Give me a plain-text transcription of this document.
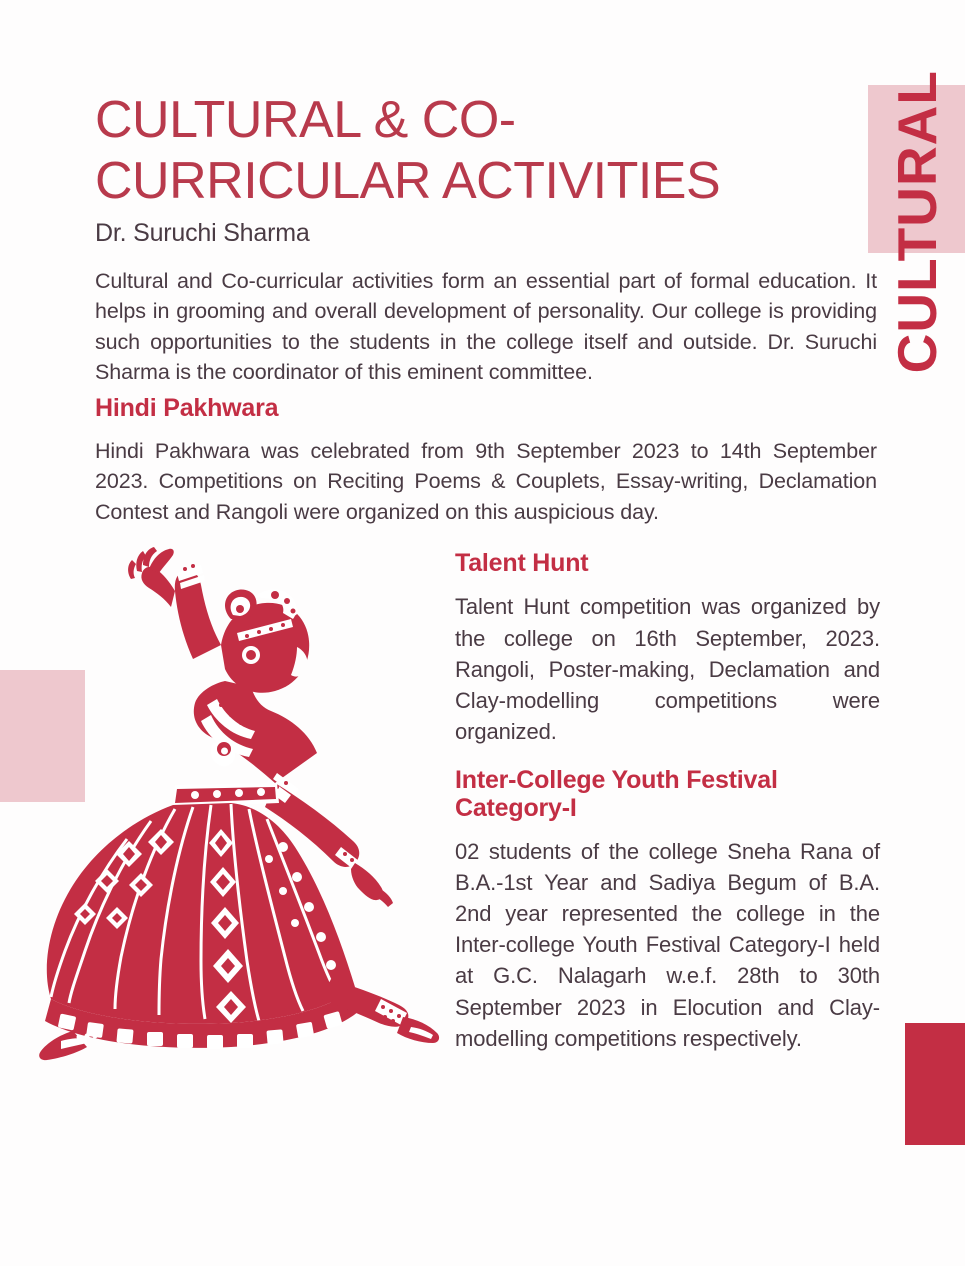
CULTURAL
CULTURAL & CO-CURRICULAR ACTIVITIES
Dr. Suruchi Sharma

Cultural and Co-curricular activities form an essential part of formal education. It helps in grooming and overall development of personality. Our college is providing such opportunities to the students in the college itself and outside. Dr. Suruchi Sharma is the coordinator of this eminent committee.

Hindi Pakhwara

Hindi Pakhwara was celebrated from 9th September 2023 to 14th September 2023. Competitions on Reciting Poems & Couplets, Essay-writing, Declamation Contest and Rangoli were organized on this auspicious day.

Talent Hunt

Talent Hunt competition was organized by the college on 16th September, 2023. Rangoli, Poster-making, Declamation and Clay-modelling competitions were organized.

Inter-College Youth Festival Category-I

02 students of the college Sneha Rana of B.A.-1st Year and Sadiya Begum of B.A. 2nd year represented the college in the Inter-college Youth Festival Category-I held at G.C. Nalagarh w.e.f. 28th to 30th September 2023 in Elocution and Clay-modelling competitions respectively.
